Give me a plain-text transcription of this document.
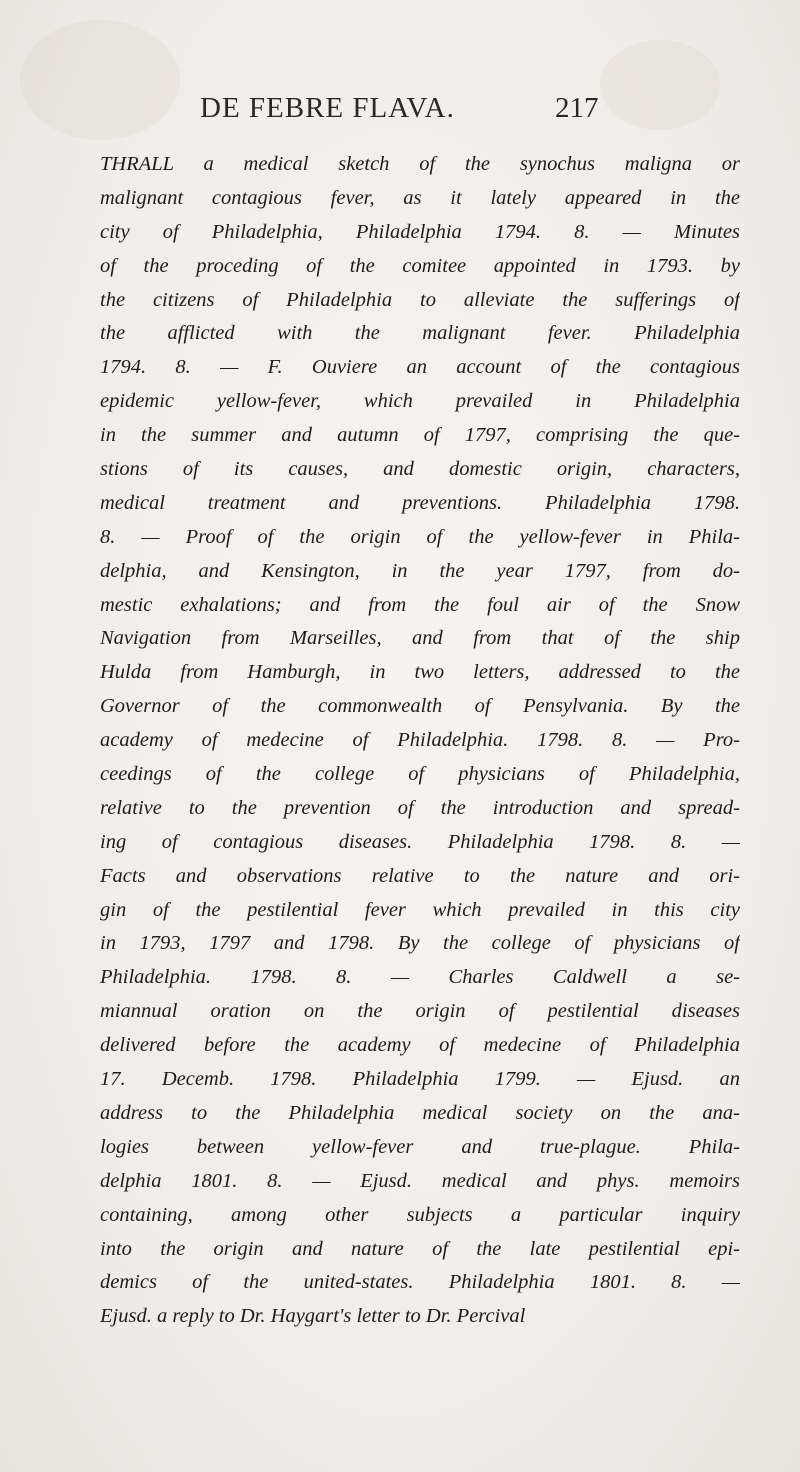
DE FEBRE FLAVA.	217
THRALL a medical sketch of the synochus maligna or
malignant contagious fever, as it lately appeared in the
city of Philadelphia, Philadelphia 1794. 8. — Minutes
of the proceding of the comitee appointed in 1793. by
the citizens of Philadelphia to alleviate the sufferings of
the afflicted with the malignant fever. Philadelphia
1794. 8. — F. Ouviere an account of the contagious
epidemic yellow-fever, which prevailed in Philadelphia
in the summer and autumn of 1797, comprising the que-
stions of its causes, and domestic origin, characters,
medical treatment and preventions. Philadelphia 1798.
8. — Proof of the origin of the yellow-fever in Phila-
delphia, and Kensington, in the year 1797, from do-
mestic exhalations; and from the foul air of the Snow
Navigation from Marseilles, and from that of the ship
Hulda from Hamburgh, in two letters, addressed to the
Governor of the commonwealth of Pensylvania. By the
academy of medecine of Philadelphia. 1798. 8. — Pro-
ceedings of the college of physicians of Philadelphia,
relative to the prevention of the introduction and spread-
ing of contagious diseases. Philadelphia 1798. 8. —
Facts and observations relative to the nature and ori-
gin of the pestilential fever which prevailed in this city
in 1793, 1797 and 1798. By the college of physicians of
Philadelphia. 1798. 8. — Charles Caldwell a se-
miannual oration on the origin of pestilential diseases
delivered before the academy of medecine of Philadelphia
17. Decemb. 1798. Philadelphia 1799. — Ejusd. an
address to the Philadelphia medical society on the ana-
logies between yellow-fever and true-plague. Phila-
delphia 1801. 8. — Ejusd. medical and phys. memoirs
containing, among other subjects a particular inquiry
into the origin and nature of the late pestilential epi-
demics of the united-states. Philadelphia 1801. 8. —
Ejusd. a reply to Dr. Haygart's letter to Dr. Percival
